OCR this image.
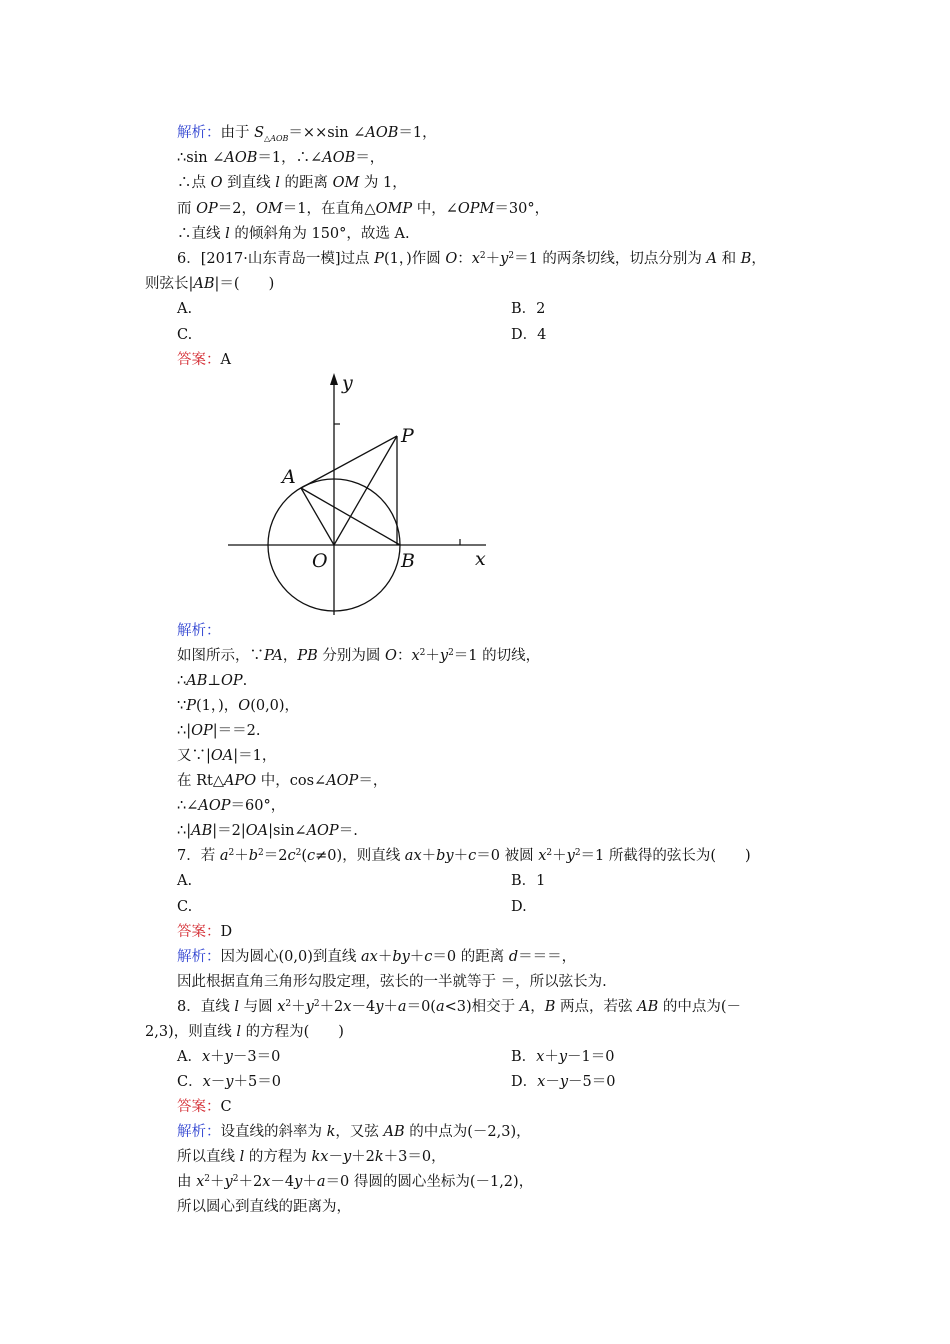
解析：由于 $S_{\triangle AOB}=\times\times\sin$ ∠AOB＝1，
∴sin ∠AOB＝1，∴∠AOB＝，
∴点 O 到直线 l 的距离 OM 为 1，
而 OP＝2，OM＝1，在直角△OMP 中，∠OPM＝30°，
∴直线 l 的倾斜角为 150°，故选 A.
6．[2017·山东青岛一模]过点 P(1，)作圆 O：$x^2+y^2=1$ 的两条切线，切点分别为 A 和 B，
则弦长|AB|＝(　　)
A.	B．2
C.	D．4
答案：A
y
x
P
A
O	B
解析：
如图所示，∵PA，PB 分别为圆 O：$x^2+y^2=1$ 的切线，
∴AB⊥OP.
∵P(1，)，O(0,0)，
∴|OP|＝＝2.
又∵|OA|＝1，
在 Rt△APO 中，cos∠AOP＝，
∴∠AOP＝60°，
∴|AB|＝2|OA|sin∠AOP＝.
7．若 $a^2+b^2=2c^2(c\ne 0)$，则直线 ax＋by＋c＝0 被圆 $x^2+y^2=1$ 所截得的弦长为(　　)
A.	B．1
C.	D.
答案：D
解析：因为圆心(0,0)到直线 ax＋by＋c＝0 的距离 d＝＝＝，
因此根据直角三角形勾股定理，弦长的一半就等于 ＝，所以弦长为.
8．直线 l 与圆 $x^2+y^2+2x-4y+a=0(a<3)$相交于 A，B 两点，若弦 AB 的中点为(－
2,3)，则直线 l 的方程为(　　)
A．x＋y－3＝0	B．x＋y－1＝0
C．x－y＋5＝0	D．x－y－5＝0
答案：C
解析：设直线的斜率为 k，又弦 AB 的中点为(－2,3)，
所以直线 l 的方程为 kx－y＋2k＋3＝0，
由 $x^2+y^2+2x-4y+a=0$ 得圆的圆心坐标为(－1,2)，
所以圆心到直线的距离为，
